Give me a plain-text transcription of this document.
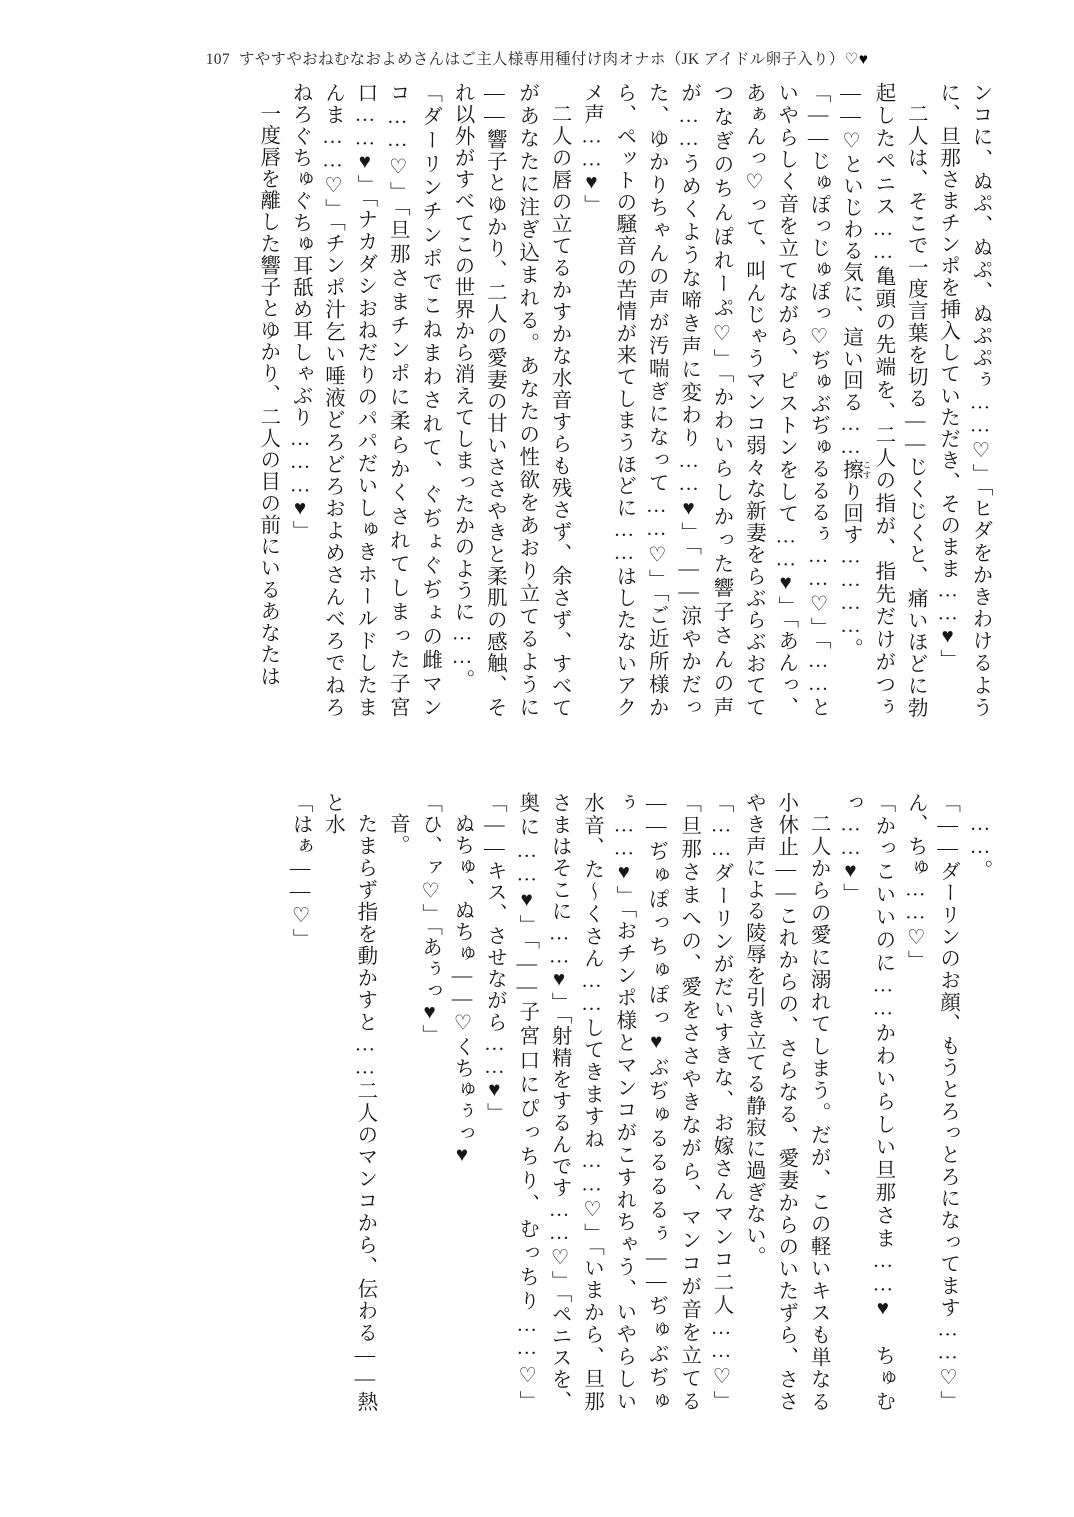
107 すやすやおねむなおよめさんはご主人様専用種付け肉オナホ（JK アイドル卵子入り）♡♥

ンコに、ぬぷ、ぬぷ、ぬぷぷぅ……♡」「ヒダをかきわけるように、旦那さまチンポを挿入していただき、そのまま……♥」

二人は、そこで一度言葉を切る――じくじくと、痛いほどに勃起したペニス……亀頭の先端を、二人の指が、指先だけがつぅ――♡といじわる気に、這い回る……擦 こすり回す…………。

「――じゅぽっじゅぽっ♡ぢゅぶぢゅるるるぅ……♡」「……といやらしく音を立てながら、ピストンをして……♥」「あんっ、あぁんっ♡って、叫んじゃうマンコ弱々な新妻をらぶらぶおててつなぎのちんぽれーぷ♡」「かわいらしかった響子さんの声が……うめくような啼き声に変わり……♥」「――涼やかだった、ゆかりちゃんの声が汚喘ぎになって……♡」「ご近所様から、ペットの騒音の苦情が来てしまうほどに……はしたないアクメ声……♥」

二人の唇の立てるかすかな水音すらも残さず、余さず、すべてがあなたに注ぎ込まれる。あなたの性欲をあおり立てるように――響子とゆかり、二人の愛妻の甘いささやきと柔肌の感触、それ以外がすべてこの世界から消えてしまったかのように……。

「ダーリンチンポでこねまわされて、ぐぢょぐぢょの雌マンコ……♡」「旦那さまチンポに柔らかくされてしまった子宮口……♥」「ナカダシおねだりのパパだいしゅきホールドしたまんま……♡」「チンポ汁乞い唾液どろどろおよめさんべろでねろねろぐちゅぐちゅ耳舐め耳しゃぶり………♥」

一度唇を離した響子とゆかり、二人の目の前にいるあなたは

……。

「――ダーリンのお顔、もうとろっとろになってます……♡」ん、ちゅ……♡」

「かっこいいのに……かわいらしい旦那さま……♥　ちゅむっ……♥」

二人からの愛に溺れてしまう。だが、この軽いキスも単なる小休止――これからの、さらなる、愛妻からのいたずら、ささやき声による陵辱を引き立てる静寂に過ぎない。

「……ダーリンがだいすきな、お嫁さんマンコ二人……♡」「旦那さまへの、愛をささやきながら、マンコが音を立てる――ぢゅぽっちゅぽっ♥ぶぢゅるるるるぅ――ぢゅぶぢゅぅ……♥」「おチンポ様とマンコがこすれちゃう、いやらしい水音、た～くさん……してきますね……♡」「いまから、旦那さまはそこに……♥」「射精をするんです……♡」「ペニスを、奥に……♥」「――子宮口にぴっちり、むっちり……♡」「――キス、させながら……♥」

ぬちゅ、ぬちゅ――♡くちゅぅっ♥

「ひ、ァ♡」「あぅっ♥」

音。

たまらず指を動かすと……二人のマンコから、伝わる――熱と水

「はぁ――♡」
